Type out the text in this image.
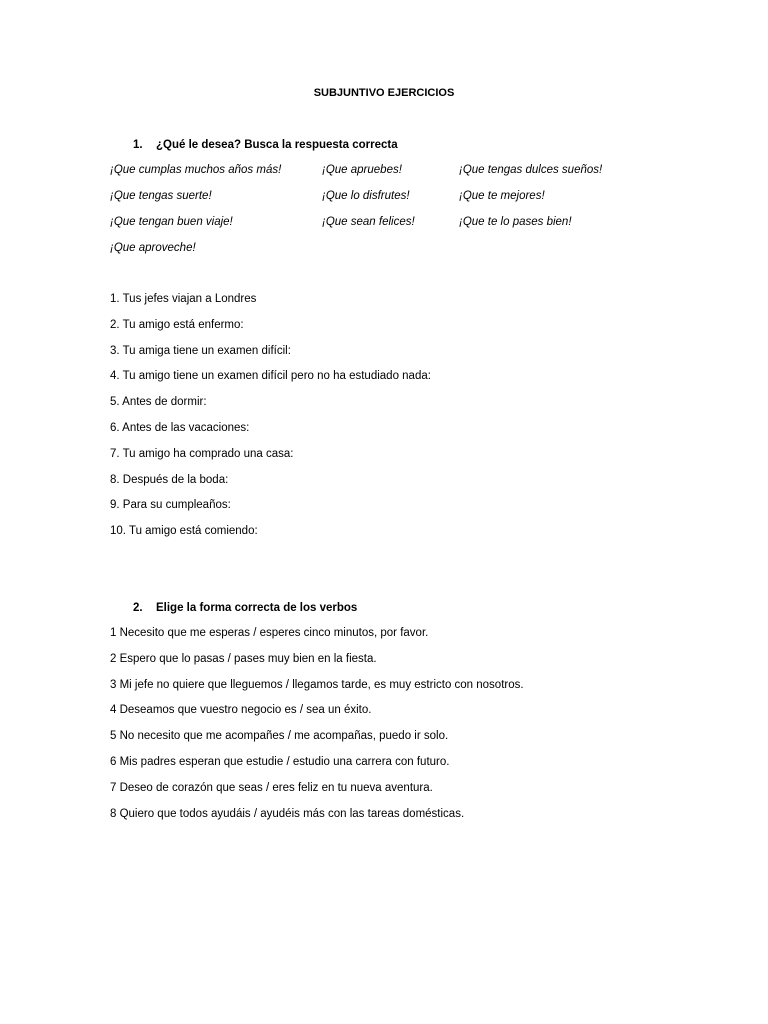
SUBJUNTIVO EJERCICIOS
1. ¿Qué le desea? Busca la respuesta correcta
¡Que cumplas muchos años más!	¡Que apruebes!	¡Que tengas dulces sueños!
¡Que tengas suerte!	¡Que lo disfrutes!	¡Que te mejores!
¡Que tengan buen viaje!	¡Que sean felices!	¡Que te lo pases bien!
¡Que aproveche!
1. Tus jefes viajan a Londres
2. Tu amigo está enfermo:
3. Tu amiga tiene un examen difícil:
4. Tu amigo tiene un examen difícil pero no ha estudiado nada:
5. Antes de dormir:
6. Antes de las vacaciones:
7. Tu amigo ha comprado una casa:
8. Después de la boda:
9. Para su cumpleaños:
10. Tu amigo está comiendo:
2. Elige la forma correcta de los verbos
1 Necesito que me esperas / esperes cinco minutos, por favor.
2 Espero que lo pasas / pases muy bien en la fiesta.
3 Mi jefe no quiere que lleguemos / llegamos tarde, es muy estricto con nosotros.
4 Deseamos que vuestro negocio es / sea un éxito.
5 No necesito que me acompañes / me acompañas, puedo ir solo.
6 Mis padres esperan que estudie / estudio una carrera con futuro.
7 Deseo de corazón que seas / eres feliz en tu nueva aventura.
8 Quiero que todos ayudáis / ayudéis más con las tareas domésticas.
